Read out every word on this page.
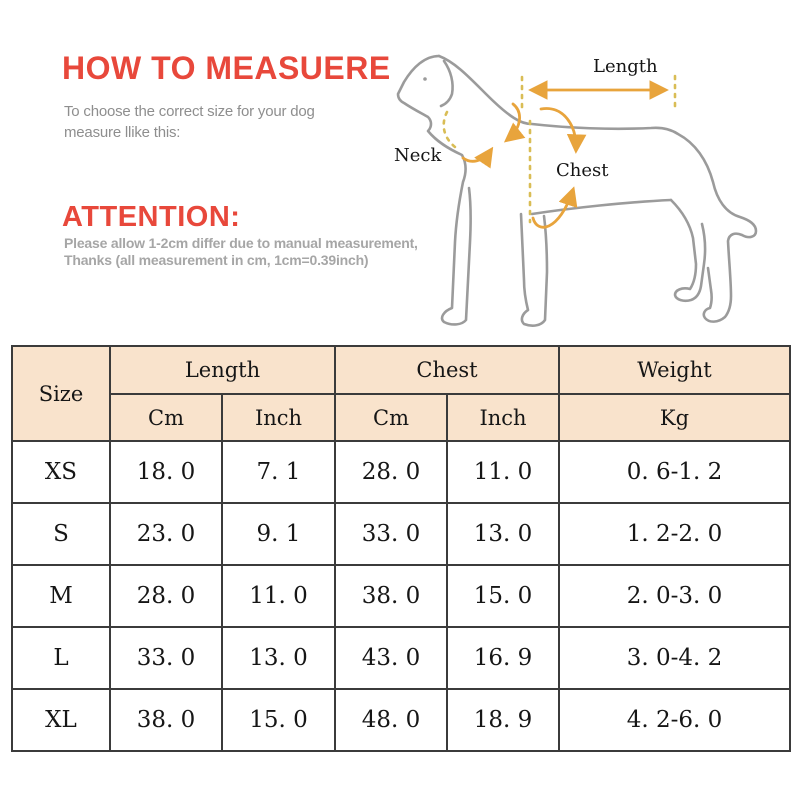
HOW TO MEASUERE
To choose the correct size for your dog
measure llike this:
ATTENTION:
Please allow 1-2cm differ due to manual measurement,
Thanks (all measurement in cm, 1cm=0.39inch)
Length
Neck
Chest
Size	Length		Chest		Weight
	Cm	Inch	Cm	Inch	Kg
XS	18. 0	7. 1	28. 0	11. 0	0. 6-1. 2
S	23. 0	9. 1	33. 0	13. 0	1. 2-2. 0
M	28. 0	11. 0	38. 0	15. 0	2. 0-3. 0
L	33. 0	13. 0	43. 0	16. 9	3. 0-4. 2
XL	38. 0	15. 0	48. 0	18. 9	4. 2-6. 0
